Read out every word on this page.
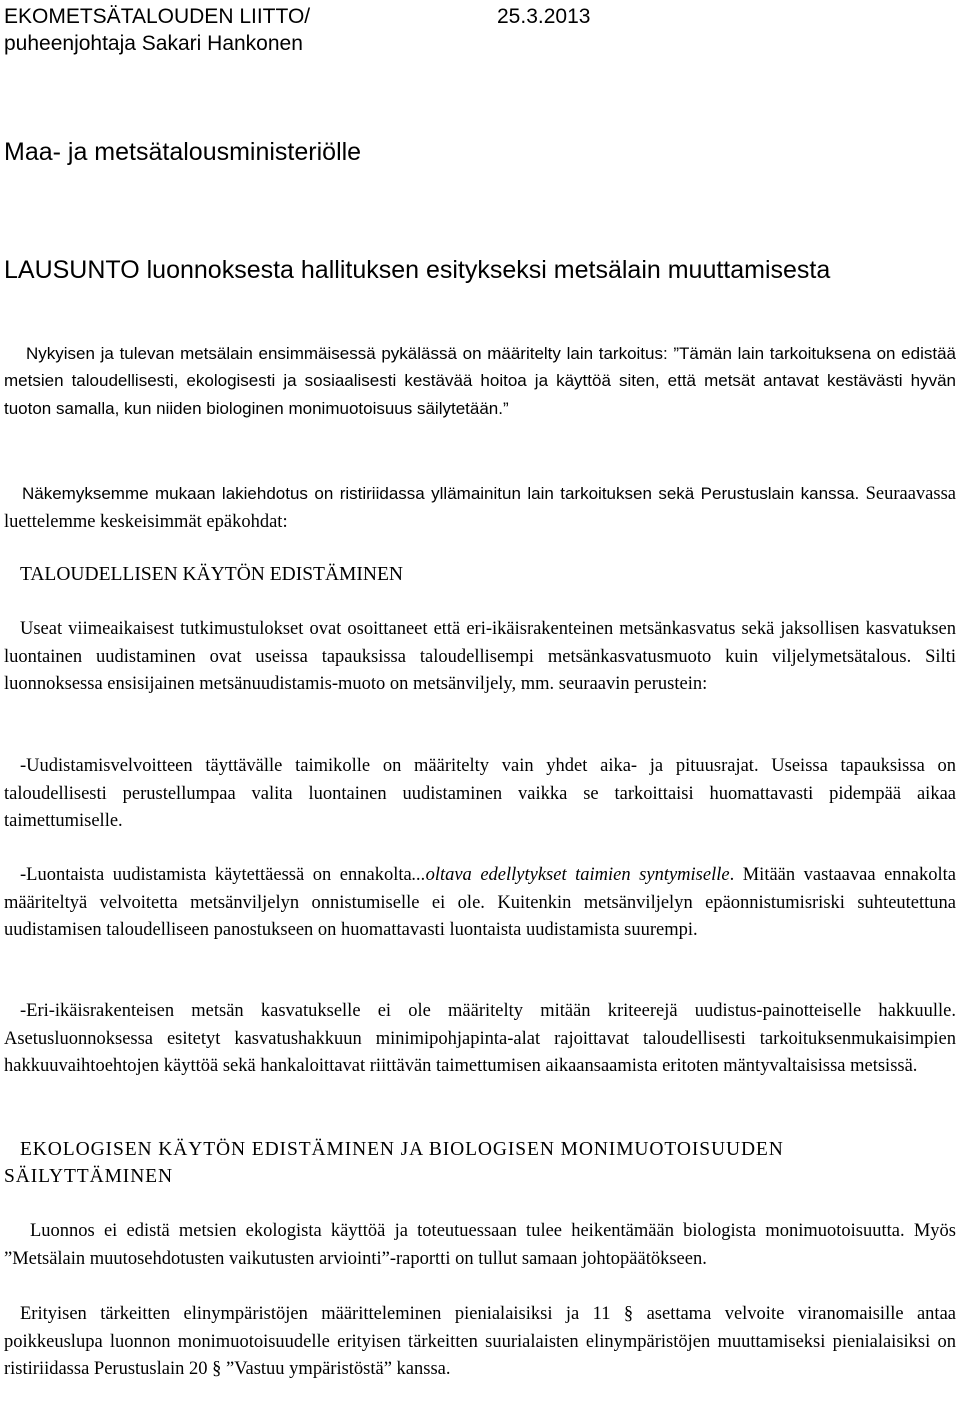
EKOMETSÄTALOUDEN LIITTO/	25.3.2013
puheenjohtaja Sakari Hankonen
Maa- ja metsätalousministeriölle
LAUSUNTO luonnoksesta hallituksen esitykseksi metsälain muuttamisesta
Nykyisen ja tulevan metsälain ensimmäisessä pykälässä on määritelty lain tarkoitus: ”Tämän lain tarkoituksena on edistää metsien taloudellisesti, ekologisesti ja sosiaalisesti kestävää hoitoa ja käyttöä siten, että metsät antavat kestävästi hyvän tuoton samalla, kun niiden biologinen monimuotoisuus säilytetään.”
Näkemyksemme mukaan lakiehdotus on ristiriidassa yllämainitun lain tarkoituksen sekä Perustuslain kanssa. Seuraavassa luettelemme keskeisimmät epäkohdat:
TALOUDELLISEN KÄYTÖN EDISTÄMINEN
Useat viimeaikaisest tutkimustulokset ovat osoittaneet että eri-ikäisrakenteinen metsänkasvatus sekä jaksollisen kasvatuksen luontainen uudistaminen ovat useissa tapauksissa taloudellisempi metsänkasvatusmuoto kuin viljelymetsätalous. Silti luonnoksessa ensisijainen metsänuudistamis-muoto on metsänviljely, mm. seuraavin perustein:
-Uudistamisvelvoitteen täyttävälle taimikolle on määritelty vain yhdet aika- ja pituusrajat. Useissa tapauksissa on taloudellisesti perustellumpaa valita luontainen uudistaminen vaikka se tarkoittaisi huomattavasti pidempää aikaa taimettumiselle.
-Luontaista uudistamista käytettäessä on ennakolta...oltava edellytykset taimien syntymiselle. Mitään vastaavaa ennakolta määriteltyä velvoitetta metsänviljelyn onnistumiselle ei ole. Kuitenkin metsänviljelyn epäonnistumisriski suhteutettuna uudistamisen taloudelliseen panostukseen on huomattavasti luontaista uudistamista suurempi.
-Eri-ikäisrakenteisen metsän kasvatukselle ei ole määritelty mitään kriteerejä uudistus-painotteiselle hakkuulle. Asetusluonnoksessa esitetyt kasvatushakkuun minimipohjapinta-alat rajoittavat taloudellisesti tarkoituksenmukaisimpien hakkuuvaihtoehtojen käyttöä sekä hankaloittavat riittävän taimettumisen aikaansaamista eritoten mäntyvaltaisissa metsissä.
EKOLOGISEN KÄYTÖN EDISTÄMINEN JA BIOLOGISEN MONIMUOTOISUUDEN
SÄILYTTÄMINEN
Luonnos ei edistä metsien ekologista käyttöä ja toteutuessaan tulee heikentämään biologista monimuotoisuutta. Myös ”Metsälain muutosehdotusten vaikutusten arviointi”-raportti on tullut samaan johtopäätökseen.
Erityisen tärkeitten elinympäristöjen määritteleminen pienialaisiksi ja 11 § asettama velvoite viranomaisille antaa poikkeuslupa luonnon monimuotoisuudelle erityisen tärkeitten suurialaisten elinympäristöjen muuttamiseksi pienialaisiksi on ristiriidassa Perustuslain 20 § ”Vastuu ympäristöstä” kanssa.
